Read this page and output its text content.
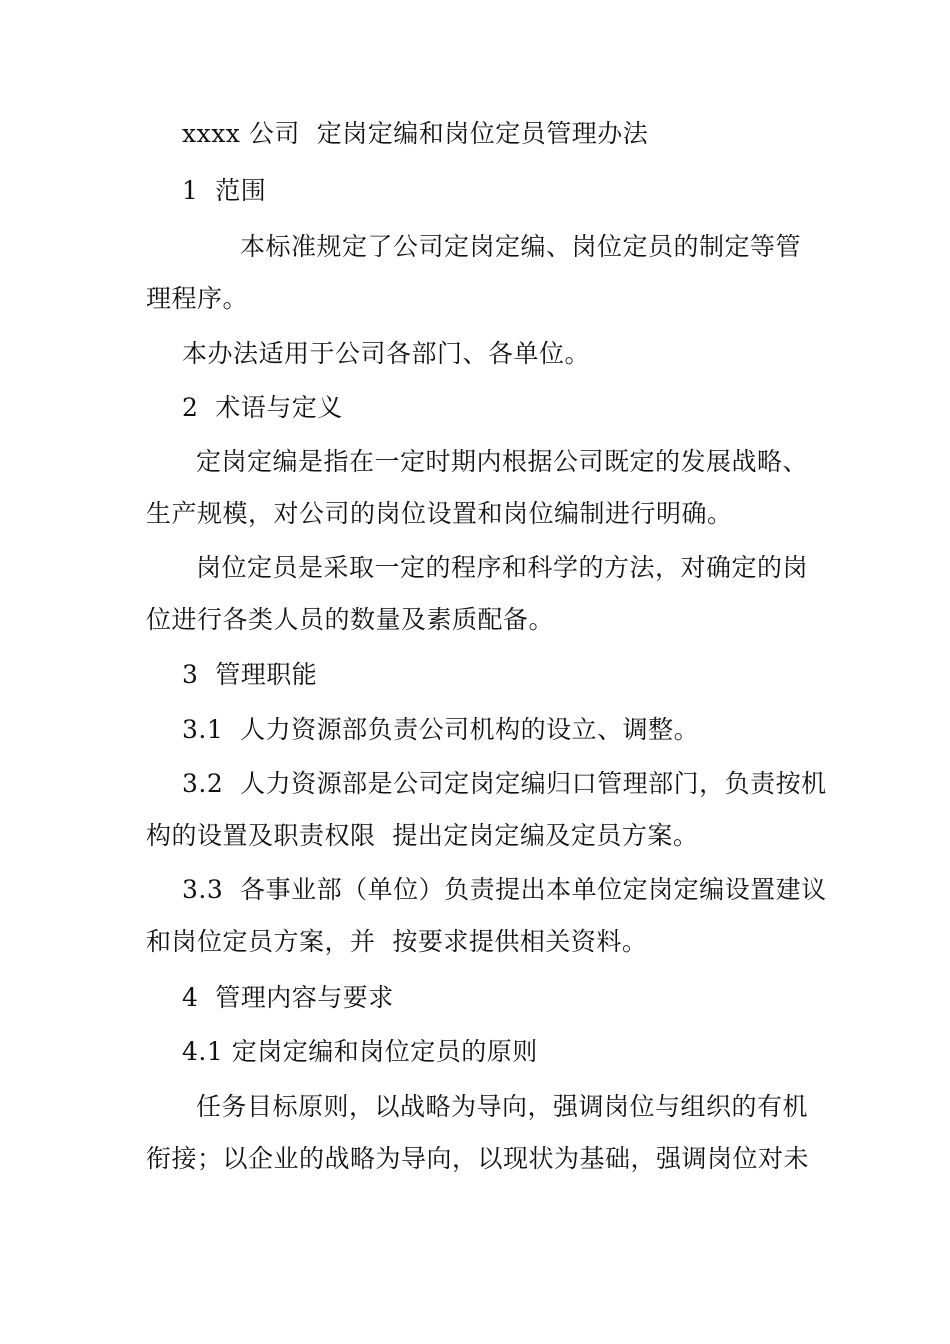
xxxx 公司  定岗定编和岗位定员管理办法
1  范围
本标准规定了公司定岗定编、岗位定员的制定等管
理程序。
本办法适用于公司各部门、各单位。
2  术语与定义
定岗定编是指在一定时期内根据公司既定的发展战略、
生产规模，对公司的岗位设置和岗位编制进行明确。
岗位定员是采取一定的程序和科学的方法，对确定的岗
位进行各类人员的数量及素质配备。
3  管理职能
3.1  人力资源部负责公司机构的设立、调整。
3.2  人力资源部是公司定岗定编归口管理部门，负责按机
构的设置及职责权限  提出定岗定编及定员方案。
3.3  各事业部（单位）负责提出本单位定岗定编设置建议
和岗位定员方案，并  按要求提供相关资料。
4  管理内容与要求
4.1 定岗定编和岗位定员的原则
任务目标原则，以战略为导向，强调岗位与组织的有机
衔接；以企业的战略为导向，以现状为基础，强调岗位对未
